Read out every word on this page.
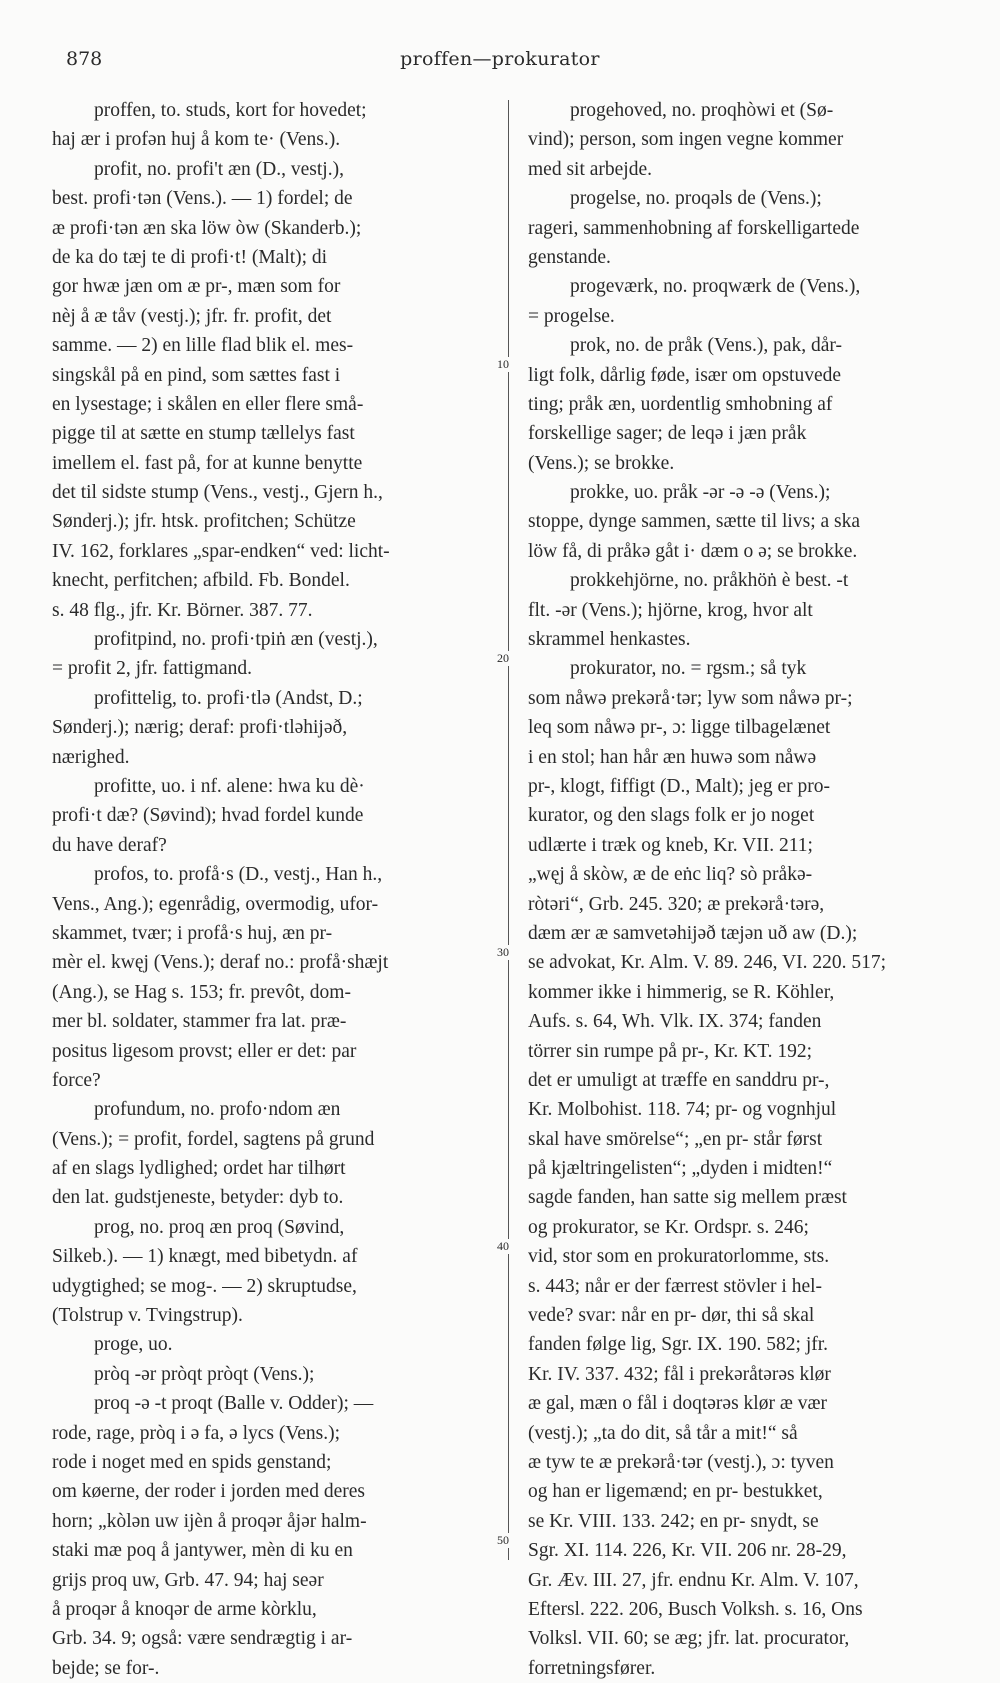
878	proffen—prokurator
proffen, to. studs, kort for hovedet;
haj ær i profən huj å kom te· (Vens.).
profit, no. profi't æn (D., vestj.),
best. profi·tən (Vens.). — 1) fordel; de
æ profi·tən æn ska löw òw (Skanderb.);
de ka do tæj te di profi·t! (Malt); di
gor hwæ jæn om æ pr-, mæn som for
nèj å æ tåv (vestj.); jfr. fr. profit, det
samme. — 2) en lille flad blik el. mes-
singskål på en pind, som sættes fast i
en lysestage; i skålen en eller flere små-
pigge til at sætte en stump tællelys fast
imellem el. fast på, for at kunne benytte
det til sidste stump (Vens., vestj., Gjern h.,
Sønderj.); jfr. htsk. profitchen; Schütze
IV. 162, forklares „spar-endken“ ved: licht-
knecht, perfitchen; afbild. Fb. Bondel.
s. 48 flg., jfr. Kr. Börner. 387. 77.
profitpind, no. profi·tpiṅ æn (vestj.),
= profit 2, jfr. fattigmand.
profittelig, to. profi·tlə (Andst, D.;
Sønderj.); nærig; deraf: profi·tləhijəð,
nærighed.
profitte, uo. i nf. alene: hwa ku dè·
profi·t dæ? (Søvind); hvad fordel kunde
du have deraf?
profos, to. profå·s (D., vestj., Han h.,
Vens., Ang.); egenrådig, overmodig, ufor-
skammet, tvær; i profå·s huj, æn pr-
mèr el. kwęj (Vens.); deraf no.: profå·shæjt
(Ang.), se Hag s. 153; fr. prevôt, dom-
mer bl. soldater, stammer fra lat. præ-
positus ligesom provst; eller er det: par
force?
profundum, no. profo·ndom æn
(Vens.); = profit, fordel, sagtens på grund
af en slags lydlighed; ordet har tilhørt
den lat. gudstjeneste, betyder: dyb to.
prog, no. proq æn proq (Søvind,
Silkeb.). — 1) knægt, med bibetydn. af
udygtighed; se mog-. — 2) skruptudse,
(Tolstrup v. Tvingstrup).
proge, uo.
pròq -ər pròqt pròqt (Vens.);
proq -ə -t proqt (Balle v. Odder); —
rode, rage, pròq i ə fa, ə lycs (Vens.);
rode i noget med en spids genstand;
om køerne, der roder i jorden med deres
horn; „kòlən uw ijèn å proqər åjər halm-
staki mæ poq å jantywer, mèn di ku en
grijs proq uw, Grb. 47. 94; haj seər
å proqər å knoqər de arme kòrklu,
Grb. 34. 9; også: være sendrægtig i ar-
bejde; se for-.
progehoved, no. proqhòwi et (Sø-
vind); person, som ingen vegne kommer
med sit arbejde.
progelse, no. proqəls de (Vens.);
rageri, sammenhobning af forskelligartede
genstande.
progeværk, no. proqwærk de (Vens.),
= progelse.
prok, no. de pråk (Vens.), pak, dår-
ligt folk, dårlig føde, især om opstuvede
ting; pråk æn, uordentlig smhobning af
forskellige sager; de leqə i jæn pråk
(Vens.); se brokke.
prokke, uo. pråk -ər -ə -ə (Vens.);
stoppe, dynge sammen, sætte til livs; a ska
löw få, di pråkə gåt i· dæm o ə; se brokke.
prokkehjörne, no. pråkhöṅ è best. -t
flt. -ər (Vens.); hjörne, krog, hvor alt
skrammel henkastes.
prokurator, no. = rgsm.; så tyk
som nåwə prekərå·tər; lyw som nåwə pr-;
leq som nåwə pr-, ɔ: ligge tilbagelænet
i en stol; han hår æn huwə som nåwə
pr-, klogt, fiffigt (D., Malt); jeg er pro-
kurator, og den slags folk er jo noget
udlærte i træk og kneb, Kr. VII. 211;
„węj å skòw, æ de eṅc liq? sò pråkə-
ròtəri“, Grb. 245. 320; æ prekərå·tərə,
dæm ær æ samvetəhijəð tæjən uð aw (D.);
se advokat, Kr. Alm. V. 89. 246, VI. 220. 517;
kommer ikke i himmerig, se R. Köhler,
Aufs. s. 64, Wh. Vlk. IX. 374; fanden
törrer sin rumpe på pr-, Kr. KT. 192;
det er umuligt at træffe en sanddru pr-,
Kr. Molbohist. 118. 74; pr- og vognhjul
skal have smörelse“; „en pr- står først
på kjæltringelisten“; „dyden i midten!“
sagde fanden, han satte sig mellem præst
og prokurator, se Kr. Ordspr. s. 246;
vid, stor som en prokuratorlomme, sts.
s. 443; når er der færrest stövler i hel-
vede? svar: når en pr- dør, thi så skal
fanden følge lig, Sgr. IX. 190. 582; jfr.
Kr. IV. 337. 432; fål i prekəråtərəs klør
æ gal, mæn o fål i doqtərəs klør æ vær
(vestj.); „ta do dit, så tår a mit!“ så
æ tyw te æ prekərå·tər (vestj.), ɔ: tyven
og han er ligemænd; en pr- bestukket,
se Kr. VIII. 133. 242; en pr- snydt, se
Sgr. XI. 114. 226, Kr. VII. 206 nr. 28-29,
Gr. Æv. III. 27, jfr. endnu Kr. Alm. V. 107,
Eftersl. 222. 206, Busch Volksh. s. 16, Ons
Volksl. VII. 60; se æg; jfr. lat. procurator,
forretningsfører.
10
20
30
40
50
